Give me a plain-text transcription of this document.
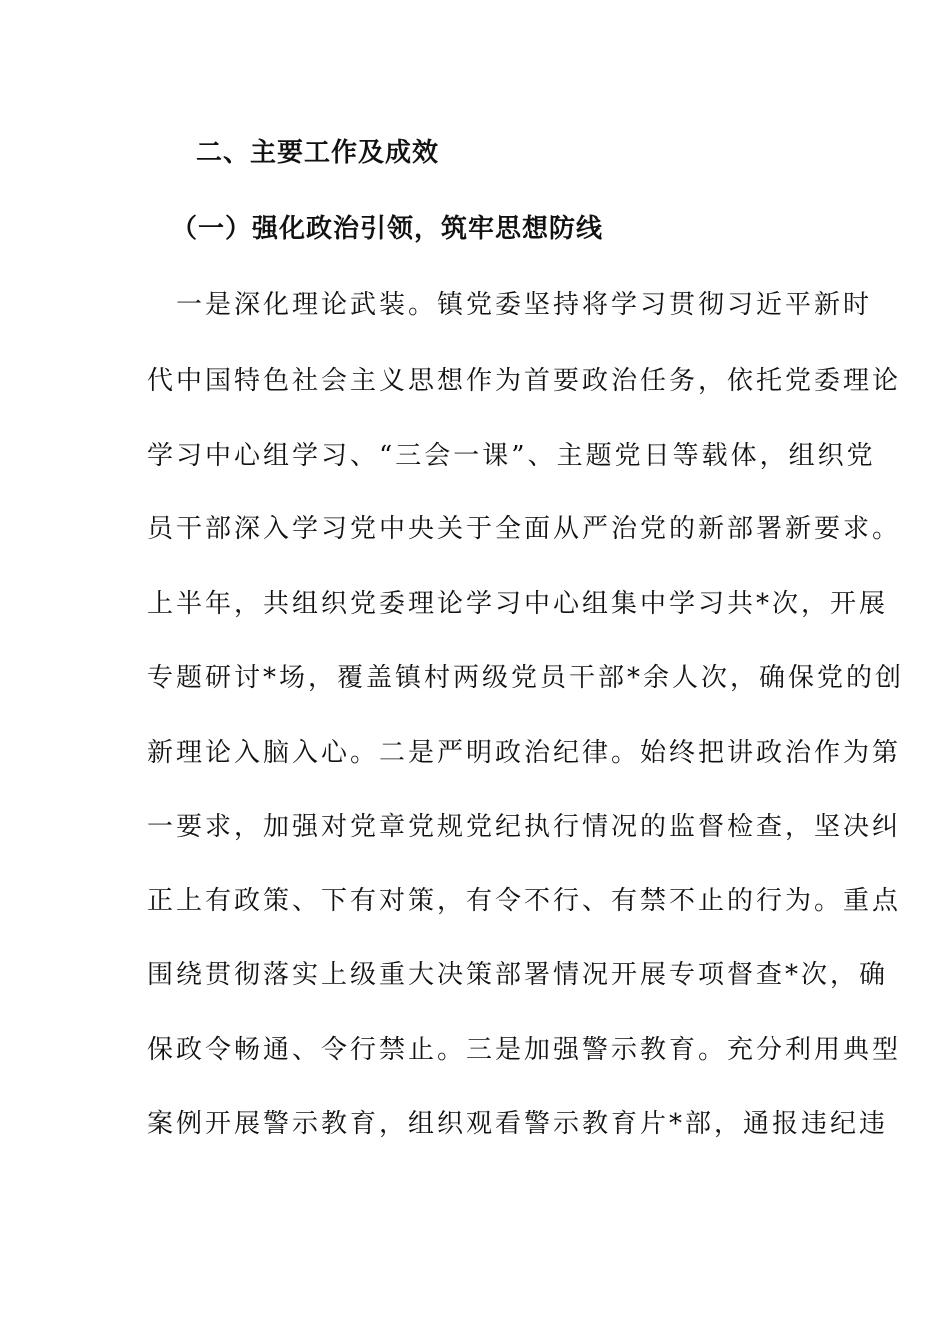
二、主要工作及成效
（一）强化政治引领，筑牢思想防线
　一是深化理论武装。镇党委坚持将学习贯彻习近平新时
代中国特色社会主义思想作为首要政治任务，依托党委理论
学习中心组学习、“三会一课”、主题党日等载体，组织党
员干部深入学习党中央关于全面从严治党的新部署新要求。
上半年，共组织党委理论学习中心组集中学习共*次，开展
专题研讨*场，覆盖镇村两级党员干部*余人次，确保党的创
新理论入脑入心。二是严明政治纪律。始终把讲政治作为第
一要求，加强对党章党规党纪执行情况的监督检查，坚决纠
正上有政策、下有对策，有令不行、有禁不止的行为。重点
围绕贯彻落实上级重大决策部署情况开展专项督查*次，确
保政令畅通、令行禁止。三是加强警示教育。充分利用典型
案例开展警示教育，组织观看警示教育片*部，通报违纪违
